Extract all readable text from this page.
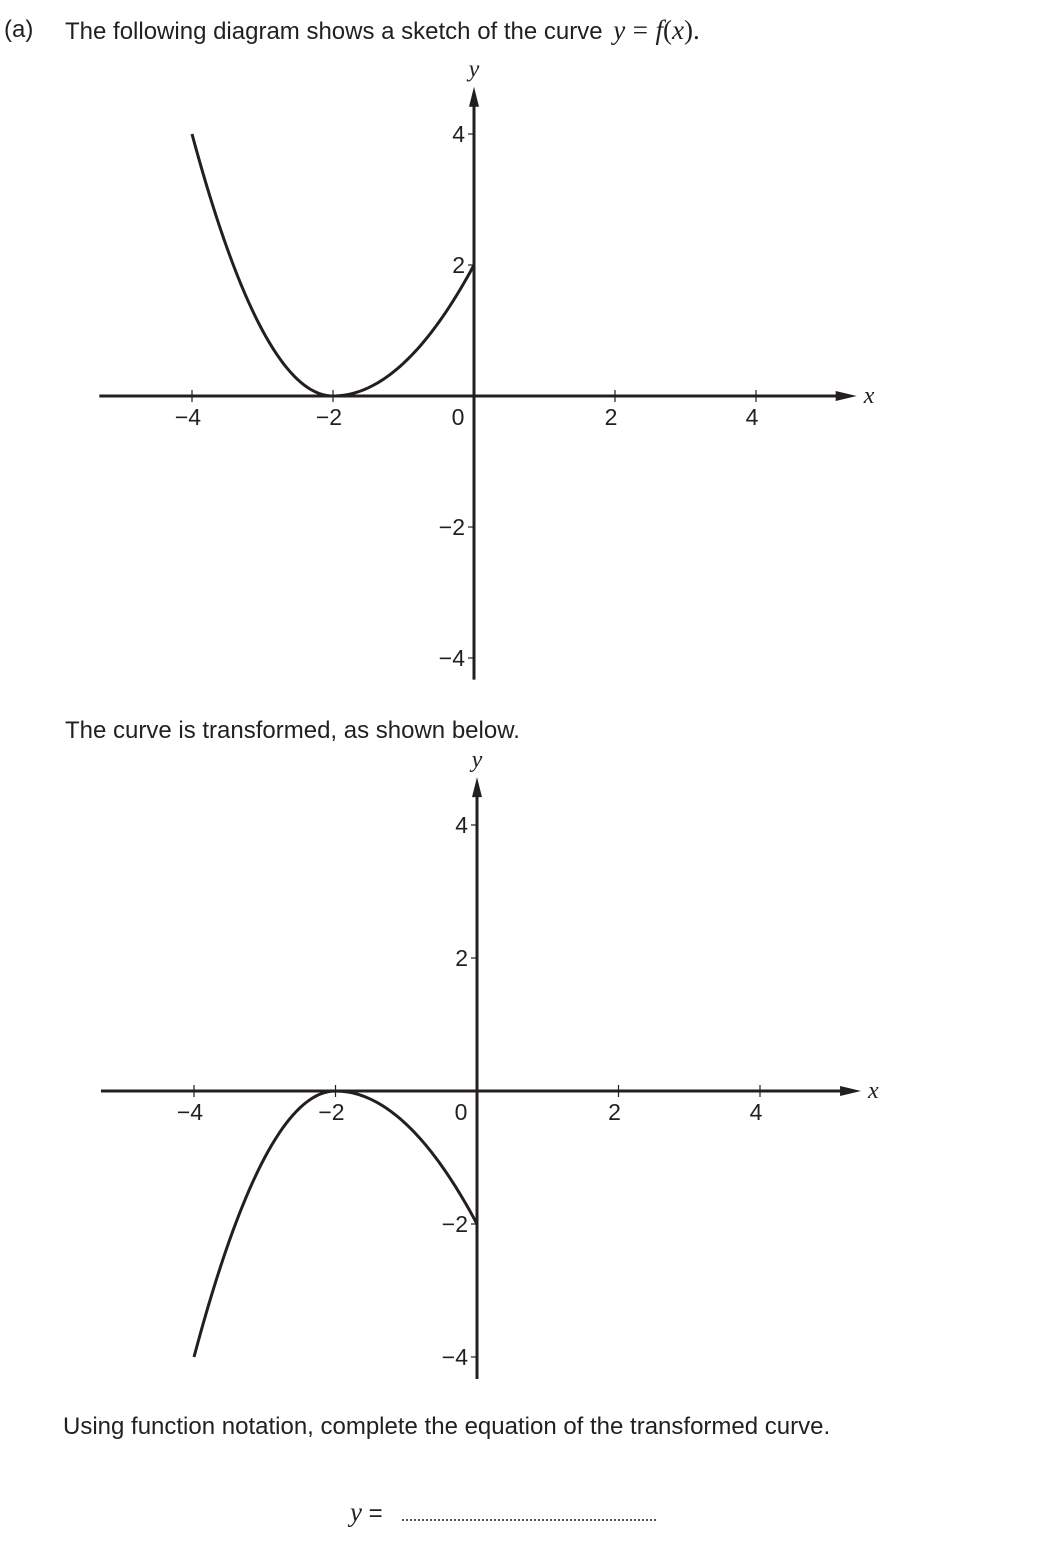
(a) The following diagram shows a sketch of the curve y = f(x).
−4	−2	0	2	4
4
2
−2
−4
x
y
The curve is transformed, as shown below.
−4	−2	0	2	4
4
2
−2
−4
x
y
Using function notation, complete the equation of the transformed curve.
y =
